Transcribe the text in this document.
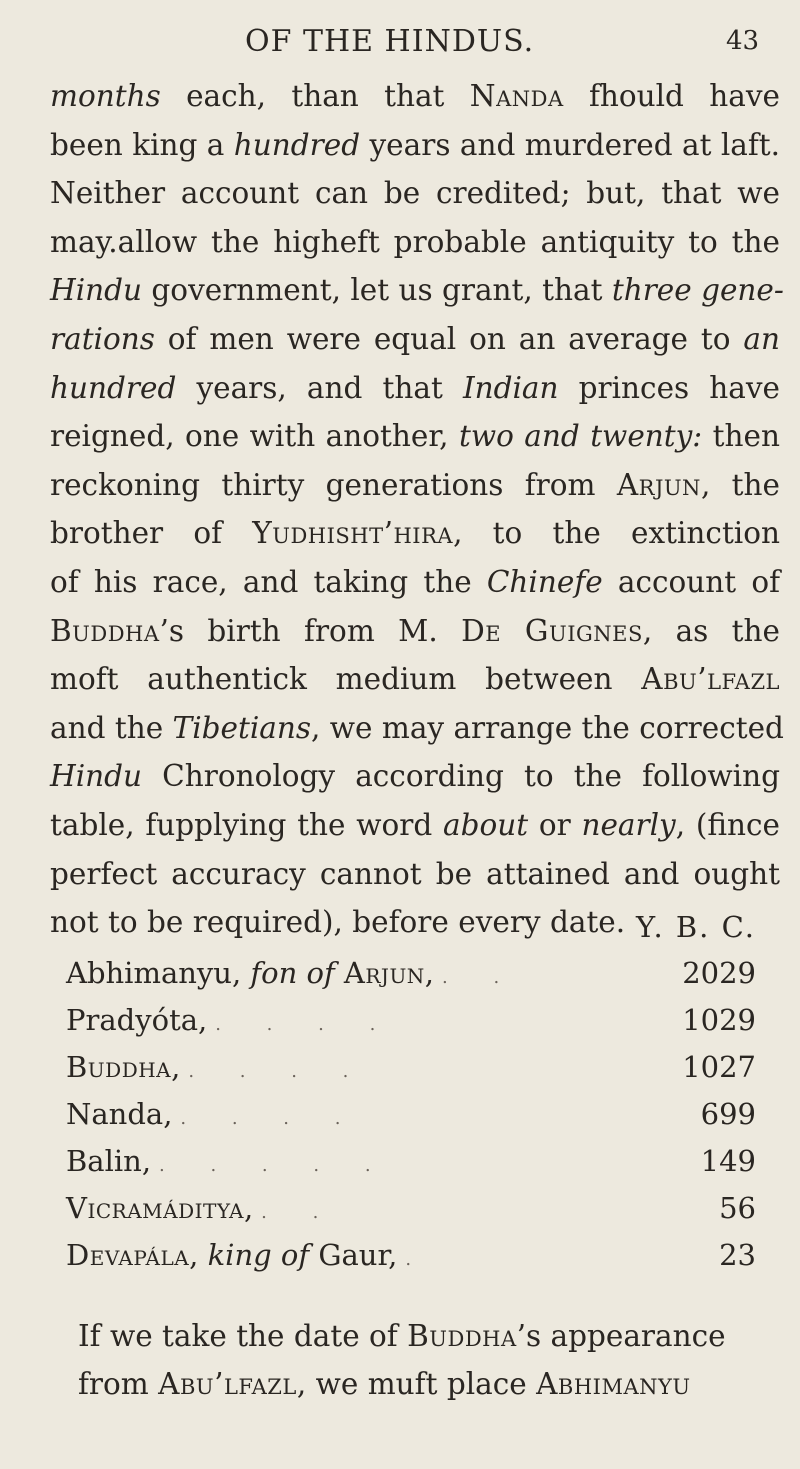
OF THE HINDUS.	43
months each, than that Nanda fhould have
been king a hundred years and murdered at laft.
Neither account can be credited; but, that we
may.allow the higheft probable antiquity to the
Hindu government, let us grant, that three gene-
rations of men were equal on an average to an
hundred years, and that Indian princes have
reigned, one with another, two and twenty: then
reckoning thirty generations from Arjun, the
brother of Yudhisht’hira, to the extinction
of his race, and taking the Chinefe account of
Buddha’s birth from M. De Guignes, as the
moft authentick medium between Abu’lfazl
and the Tibetians, we may arrange the corrected
Hindu Chronology according to the following
table, fupplying the word about or nearly, (fince
perfect accuracy cannot be attained and ought
not to be required), before every date. Y. B. C.
Abhimanyu, fon of Arjun, . .	2029
Pradyóta, . . . .	1029
Buddha, . . . .	1027
Nanda, . . . .	699
Balin, . . . . .	149
Vicramáditya, . .	56
Devapála, king of Gaur, .	23
If we take the date of Buddha’s appearance
from Abu’lfazl, we muft place Abhimanyu
